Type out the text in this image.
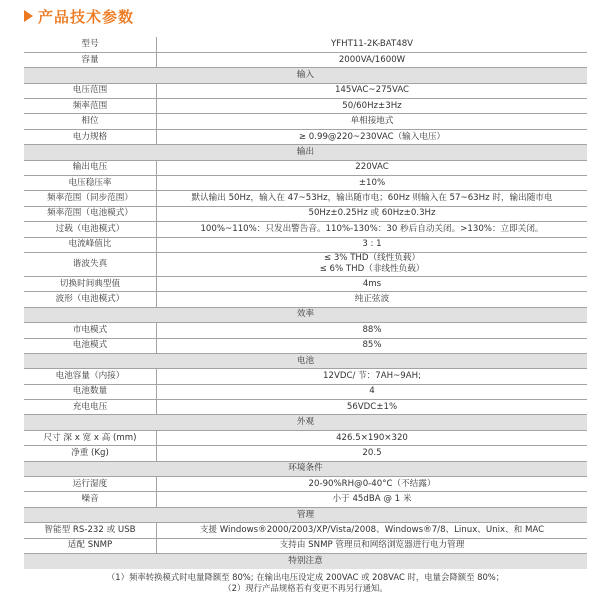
产品技术参数
型号	YFHT11-2K-BAT48V
容量	2000VA/1600W
输入	
电压范围	145VAC~275VAC
频率范围	50/60Hz±3Hz
相位	单相接地式
电力规格	≥ 0.99@220~230VAC（输入电压）
输出	
输出电压	220VAC
电压稳压率	±10%
频率范围（同步范围）	默认输出 50Hz，输入在 47~53Hz，输出随市电；60Hz 则输入在 57~63Hz 时，输出随市电
频率范围（电池模式）	50Hz±0.25Hz 或 60Hz±0.3Hz
过载（电池模式）	100%~110%：只发出警告音。110%-130%：30 秒后自动关闭。>130%：立即关闭。
电流峰值比	3 : 1
谐波失真	≤ 3% THD（线性负载）
≤ 6% THD（非线性负载）

切换时间典型值	4ms
波形（电池模式）	纯正弦波
效率	
市电模式	88%
电池模式	85%
电池	
电池容量（内接）	12VDC/ 节：7AH~9AH;
电池数量	4
充电电压	56VDC±1%
外观	
尺寸 深 x 宽 x 高 (mm)	426.5×190×320
净重 (Kg)	20.5
环境条件	
运行湿度	20-90%RH@0-40°C（不结露）
噪音	小于 45dBA @ 1 米
管理	
智能型 RS-232 或 USB	支援 Windows®2000/2003/XP/Vista/2008、Windows®7/8、Linux、Unix、和 MAC
适配 SNMP	支持由 SNMP 管理员和网络浏览器进行电力管理
特别注意	
（1）频率转换模式时电量降额至 80%; 在输出电压设定成 200VAC 或 208VAC 时，电量会降额至 80%；
（2）现行产品规格若有变更不再另行通知。
